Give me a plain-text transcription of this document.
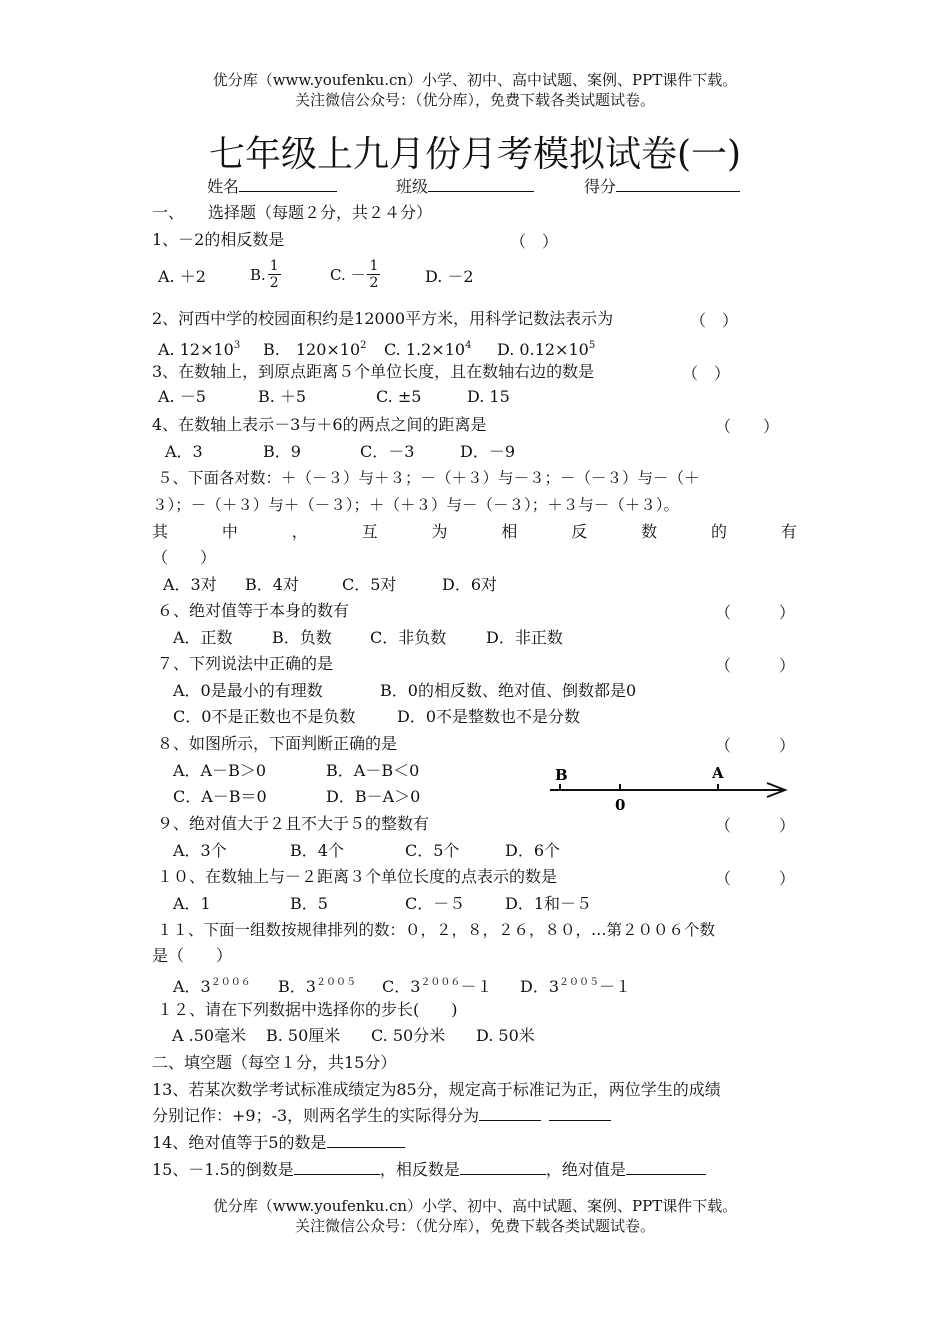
优分库（www.youfenku.cn）小学、初中、高中试题、案例、PPT课件下载。
关注微信公众号：（优分库），免费下载各类试题试卷。
七年级上九月份月考模拟试卷(一)
姓名	班级	得分
一、　　选择题（每题２分，共２４分）
1、－2的相反数是	（　）
A. ＋2	B. $\frac{1}{2}$	C. － $\frac{1}{2}$	D. －2
2、河西中学的校园面积约是12000平方米，用科学记数法表示为	（　）
A. $12\times 10^3$ B.　$120\times 10^2$ C. $1.2\times 10^4$ D. $0.12\times 10^5$
3、在数轴上，到原点距离５个单位长度，且在数轴右边的数是	（　）
A. －5	B. ＋5	C. ±5	D. 15
4、在数轴上表示－3与＋6的两点之间的距离是	（　　）
A．3	B．9	C．－3	D．－9
５、下面各对数：＋（－３）与＋３；－（＋３）与－３；－（－３）与－（＋
３）；－（＋３）与＋（－３）；＋（＋３）与－（－３）；＋３与－（＋３）。
其	中	，	互	为	相	反	数	的	有
（　　）
A．3对 B．4对	C．5对	D．6对
６、绝对值等于本身的数有	（　　　）
A．正数 B．负数 C．非负数 D．非正数
７、下列说法中正确的是	（　　　）
A．0是最小的有理数	B．0的相反数、绝对值、倒数都是0
C．0不是正数也不是负数	D．0不是整数也不是分数
８、如图所示，下面判断正确的是	（　　　）
A．A－B＞0	B．A－B＜0
C．A－B＝0	D．B－A＞0
B	A
0
９、绝对值大于２且不大于５的整数有	（　　　）
A．3个	B．4个	C．5个	D．6个
１０、在数轴上与－２距离３个单位长度的点表示的数是	（　　　）
A．1	B．5	C．－５ D．1和－５
１１、下面一组数按规律排列的数：０，２，８，２６，８０，…第２００６个数
是（　　）
A．$3^{2006}$ B．$3^{2005}$ C．$3^{2006}-1$ D．$3^{2005}-1$
１２、请在下列数据中选择你的步长(　　)
A .50毫米 B. 50厘米 C. 50分米 D. 50米
二、填空题（每空１分，共15分）
13、若某次数学考试标准成绩定为85分，规定高于标准记为正，两位学生的成绩
分别记作：+9；-3，则两名学生的实际得分为
14、绝对值等于5的数是
15、－1.5的倒数是	，相反数是	，绝对值是
优分库（www.youfenku.cn）小学、初中、高中试题、案例、PPT课件下载。
关注微信公众号：（优分库），免费下载各类试题试卷。
